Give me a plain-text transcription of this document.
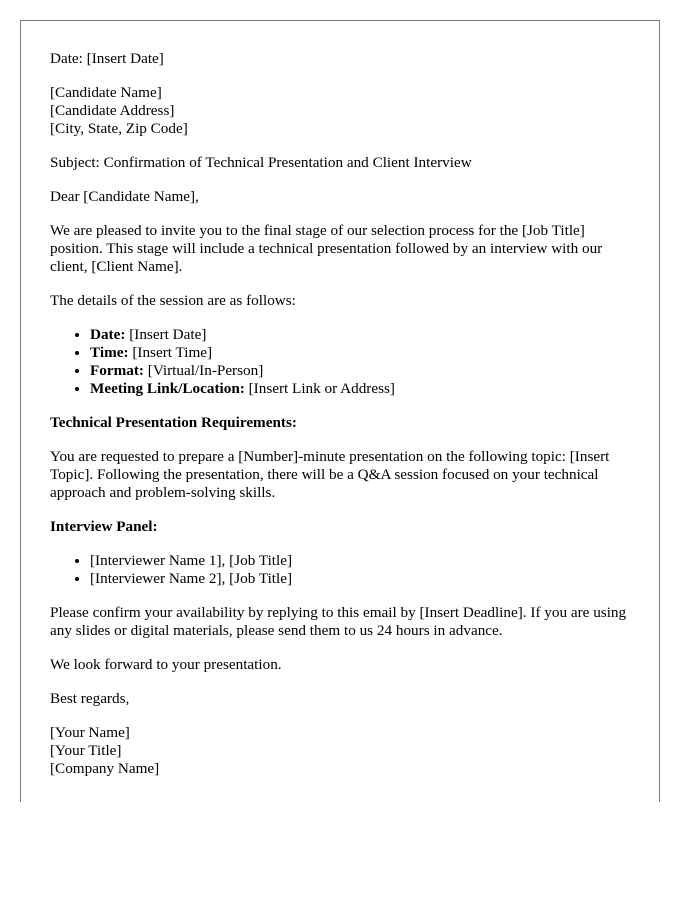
Date: [Insert Date]

[Candidate Name]
[Candidate Address]
[City, State, Zip Code]

Subject: Confirmation of Technical Presentation and Client Interview

Dear [Candidate Name],

We are pleased to invite you to the final stage of our selection process for the [Job Title] position. This stage will include a technical presentation followed by an interview with our client, [Client Name].

The details of the session are as follows:

• Date: [Insert Date]
• Time: [Insert Time]
• Format: [Virtual/In-Person]
• Meeting Link/Location: [Insert Link or Address]

Technical Presentation Requirements:

You are requested to prepare a [Number]-minute presentation on the following topic: [Insert Topic]. Following the presentation, there will be a Q&A session focused on your technical approach and problem-solving skills.

Interview Panel:

• [Interviewer Name 1], [Job Title]
• [Interviewer Name 2], [Job Title]

Please confirm your availability by replying to this email by [Insert Deadline]. If you are using any slides or digital materials, please send them to us 24 hours in advance.

We look forward to your presentation.

Best regards,

[Your Name]
[Your Title]
[Company Name]
